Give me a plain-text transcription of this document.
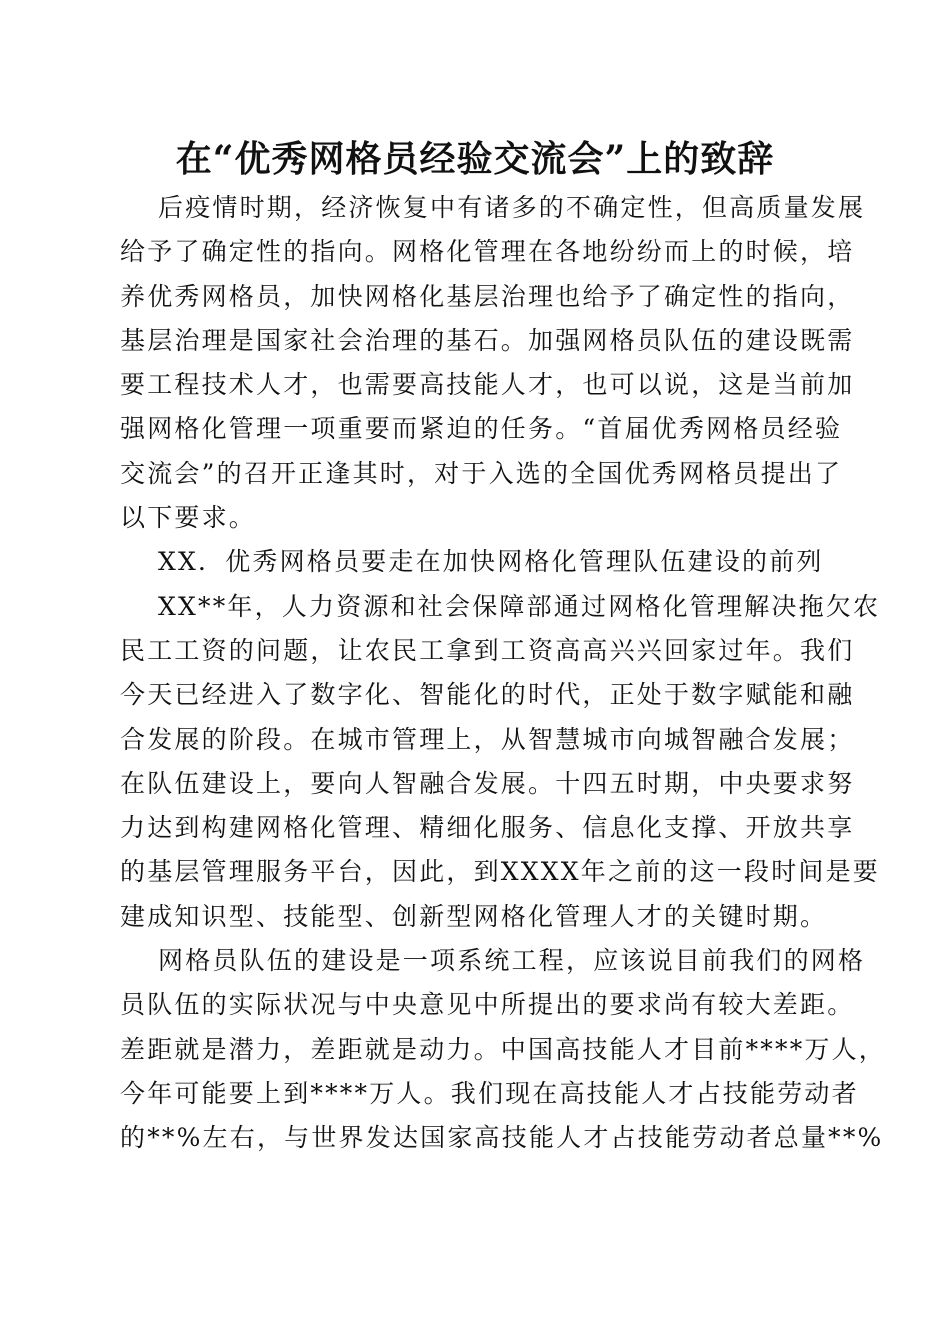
在“优秀网格员经验交流会”上的致辞
后疫情时期，经济恢复中有诸多的不确定性，但高质量发展
给予了确定性的指向。网格化管理在各地纷纷而上的时候，培
养优秀网格员，加快网格化基层治理也给予了确定性的指向，
基层治理是国家社会治理的基石。加强网格员队伍的建设既需
要工程技术人才，也需要高技能人才，也可以说，这是当前加
强网格化管理一项重要而紧迫的任务。“首届优秀网格员经验
交流会”的召开正逢其时，对于入选的全国优秀网格员提出了
以下要求。
XX．优秀网格员要走在加快网格化管理队伍建设的前列
XX**年，人力资源和社会保障部通过网格化管理解决拖欠农
民工工资的问题，让农民工拿到工资高高兴兴回家过年。我们
今天已经进入了数字化、智能化的时代，正处于数字赋能和融
合发展的阶段。在城市管理上，从智慧城市向城智融合发展；
在队伍建设上，要向人智融合发展。十四五时期，中央要求努
力达到构建网格化管理、精细化服务、信息化支撑、开放共享
的基层管理服务平台，因此，到XXXX年之前的这一段时间是要
建成知识型、技能型、创新型网格化管理人才的关键时期。
网格员队伍的建设是一项系统工程，应该说目前我们的网格
员队伍的实际状况与中央意见中所提出的要求尚有较大差距。
差距就是潜力，差距就是动力。中国高技能人才目前****万人，
今年可能要上到****万人。我们现在高技能人才占技能劳动者
的**%左右，与世界发达国家高技能人才占技能劳动者总量**%
